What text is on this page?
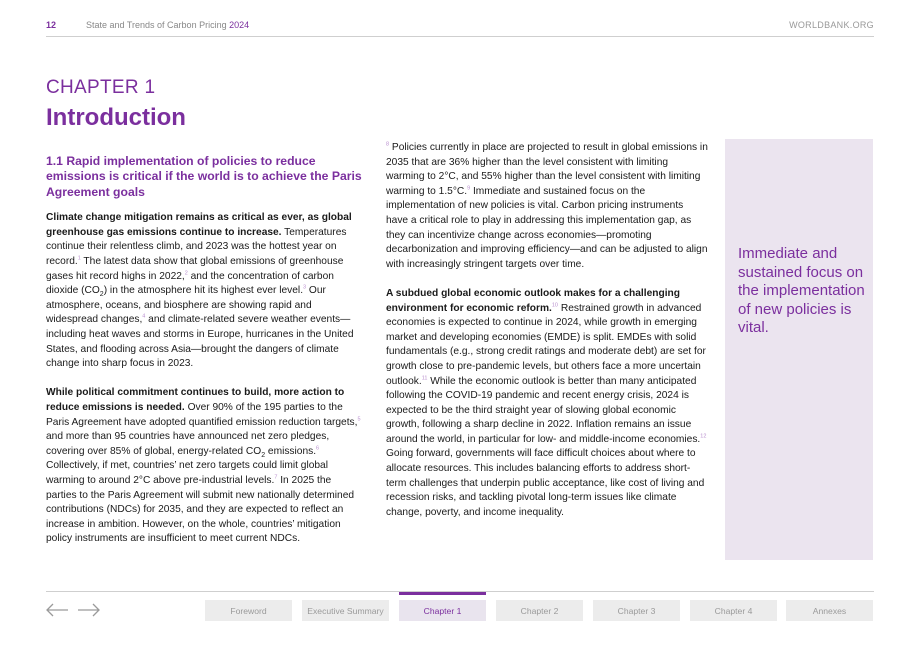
12	State and Trends of Carbon Pricing 2024	WORLDBANK.ORG
CHAPTER 1
Introduction
1.1 Rapid implementation of policies to reduce emissions is critical if the world is to achieve the Paris Agreement goals

Climate change mitigation remains as critical as ever, as global greenhouse gas emissions continue to increase. Temperatures continue their relentless climb, and 2023 was the hottest year on record.$^1$ The latest data show that global emissions of greenhouse gases hit record highs in 2022,$^2$ and the concentration of carbon dioxide $(CO_2)$ in the atmosphere hit its highest ever level.$^3$ Our atmosphere, oceans, and biosphere are showing rapid and widespread changes,$^4$ and climate-related severe weather events—including heat waves and storms in Europe, hurricanes in the United States, and flooding across Asia—brought the dangers of climate change into sharp focus in 2023.

While political commitment continues to build, more action to reduce emissions is needed. Over 90% of the 195 parties to the Paris Agreement have adopted quantified emission reduction targets,$^5$ and more than 95 countries have announced net zero pledges, covering over 85% of global, energy-related $CO_2$ emissions.$^6$ Collectively, if met, countries’ net zero targets could limit global warming to around 2°C above pre-industrial levels.$^7$ In 2025 the parties to the Paris Agreement will submit new nationally determined contributions (NDCs) for 2035, and they are expected to reflect an increase in ambition. However, on the whole, countries’ mitigation policy instruments are insufficient to meet current NDCs.

$^8$ Policies currently in place are projected to result in global emissions in 2035 that are 36% higher than the level consistent with limiting warming to 2°C, and 55% higher than the level consistent with limiting warming to 1.5°C.$^9$ Immediate and sustained focus on the implementation of new policies is vital. Carbon pricing instruments have a critical role to play in addressing this implementation gap, as they can incentivize change across economies—promoting decarbonization and improving efficiency—and can be adjusted to align with increasingly stringent targets over time.

A subdued global economic outlook makes for a challenging environment for economic reform.$^{10}$ Restrained growth in advanced economies is expected to continue in 2024, while growth in emerging market and developing economies (EMDE) is split. EMDEs with solid fundamentals (e.g., strong credit ratings and moderate debt) are set for growth close to pre-pandemic levels, but others face a more uncertain outlook.$^{11}$ While the economic outlook is better than many anticipated following the COVID-19 pandemic and recent energy crisis, 2024 is expected to be the third straight year of slowing global economic growth, following a sharp decline in 2022. Inflation remains an issue around the world, in particular for low- and middle-income economies.$^{12}$ Going forward, governments will face difficult choices about where to allocate resources. This includes balancing efforts to address short-term challenges that underpin public acceptance, like cost of living and recession risks, and tackling pivotal long-term issues like climate change, poverty, and income inequality.

Immediate and sustained focus on the implementation of new policies is vital.
Foreword	Executive Summary	Chapter 1	Chapter 2	Chapter 3	Chapter 4	Annexes
